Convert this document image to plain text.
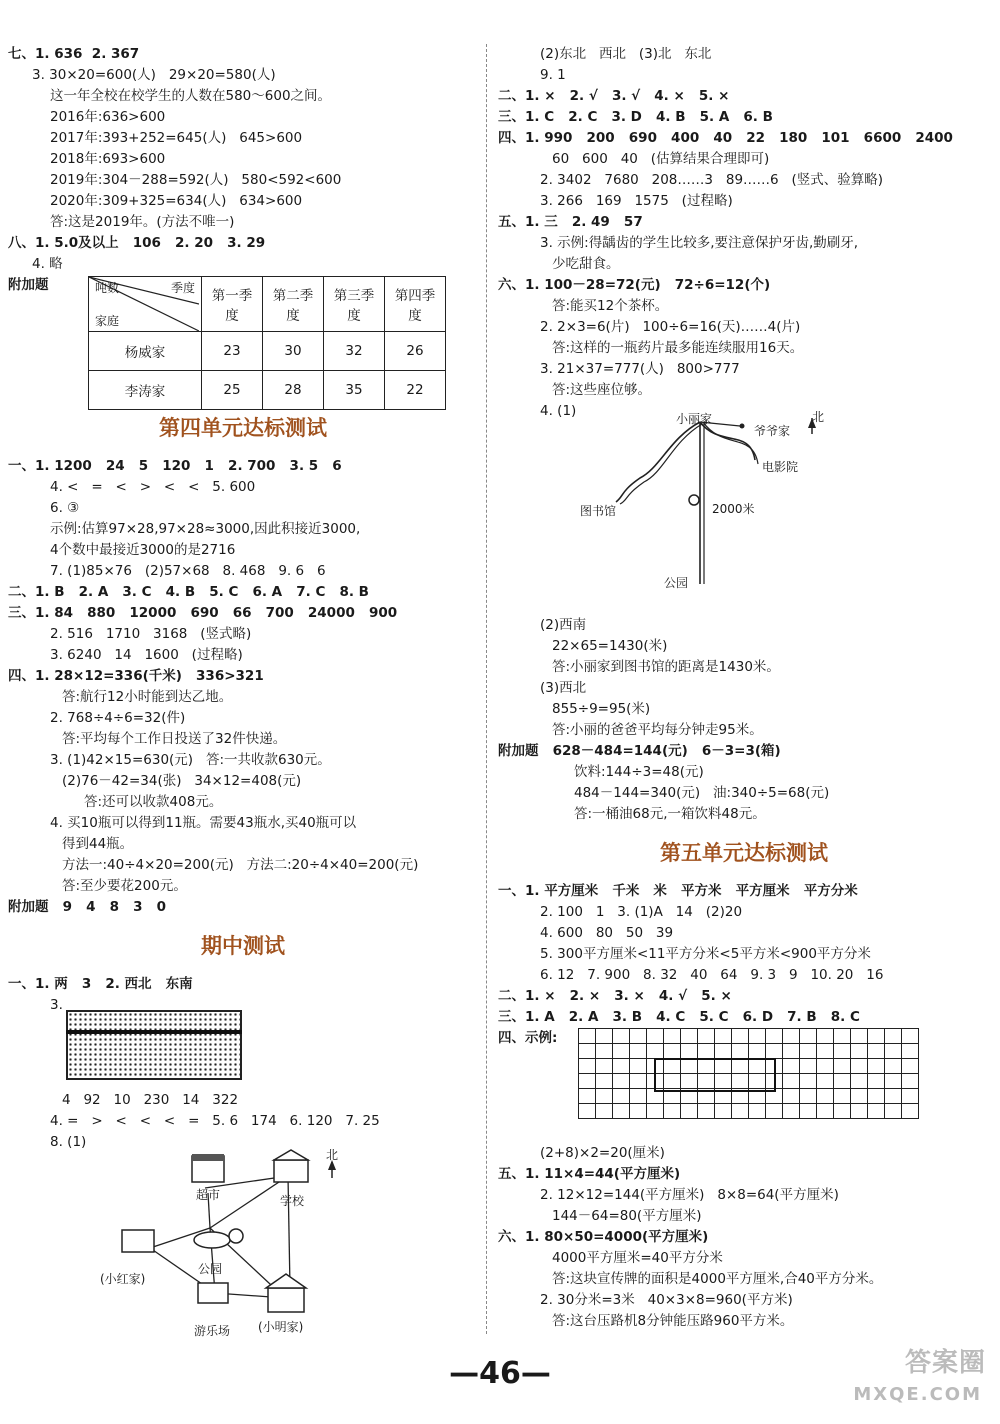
七、1. 636  2. 367
3. 30×20=600(人)   29×20=580(人)
这一年全校在校学生的人数在580～600之间。
2016年:636>600
2017年:393+252=645(人)   645>600
2018年:693>600
2019年:304－288=592(人)   580<592<600
2020年:309+325=634(人)   634>600
答:这是2019年。(方法不唯一)
八、1. 5.0及以上   106   2. 20   3. 29
4. 略
附加题
第四单元达标测试
一、1. 1200   24   5   120   1   2. 700   3. 5   6
4. <   =   <   >   <   <   5. 600
6. ③
示例:估算97×28,97×28≈3000,因此积接近3000,
4个数中最接近3000的是2716
7. (1)85×76   (2)57×68   8. 468   9. 6   6
二、1. B   2. A   3. C   4. B   5. C   6. A   7. C   8. B
三、1. 84   880   12000   690   66   700   24000   900
2. 516   1710   3168   (竖式略)
3. 6240   14   1600   (过程略)
四、1. 28×12=336(千米)   336>321
答:航行12小时能到达乙地。
2. 768÷4÷6=32(件)
答:平均每个工作日投送了32件快递。
3. (1)42×15=630(元)   答:一共收款630元。
(2)76－42=34(张)   34×12=408(元)
答:还可以收款408元。
4. 买10瓶可以得到11瓶。需要43瓶水,买40瓶可以
得到44瓶。
方法一:40÷4×20=200(元)   方法二:20÷4×40=200(元)
答:至少要花200元。
附加题   9   4   8   3   0
期中测试
一、1. 两   3   2. 西北   东南
3.
4   92   10   230   14   322
4. =   >   <   <   <   =   5. 6   174   6. 120   7. 25
8. (1)
吨数 季度
家庭	第一季度	第二季度	第三季度	第四季度
杨威家	23	30	32	26
李涛家	25	28	35	22
北
超市	学校
公园
(小红家)
游乐场 (小明家)
(2)东北   西北   (3)北   东北
9. 1
二、1. ×   2. √   3. √   4. ×   5. ×
三、1. C   2. C   3. D   4. B   5. A   6. B
四、1. 990   200   690   400   40   22   180   101   6600   2400
60   600   40   (估算结果合理即可)
2. 3402   7680   208……3   89……6   (竖式、验算略)
3. 266   169   1575   (过程略)
五、1. 三   2. 49   57
3. 示例:得龋齿的学生比较多,要注意保护牙齿,勤刷牙,
少吃甜食。
六、1. 100－28=72(元)   72÷6=12(个)
答:能买12个茶杯。
2. 2×3=6(片)   100÷6=16(天)……4(片)
答:这样的一瓶药片最多能连续服用16天。
3. 21×37=777(人)   800>777
答:这些座位够。
4. (1)
(2)西南
22×65=1430(米)
答:小丽家到图书馆的距离是1430米。
(3)西北
855÷9=95(米)
答:小丽的爸爸平均每分钟走95米。
附加题   628－484=144(元)   6－3=3(箱)
饮料:144÷3=48(元)
484－144=340(元)   油:340÷5=68(元)
答:一桶油68元,一箱饮料48元。
第五单元达标测试
一、1. 平方厘米   千米   米   平方米   平方厘米   平方分米
2. 100   1   3. (1)A   14   (2)20
4. 600   80   50   39
5. 300平方厘米<11平方分米<5平方米<900平方分米
6. 12   7. 900   8. 32   40   64   9. 3   9   10. 20   16
二、1. ×   2. ×   3. ×   4. √   5. ×
三、1. A   2. A   3. B   4. C   5. C   6. D   7. B   8. C
四、示例:
(2+8)×2=20(厘米)
五、1. 11×4=44(平方厘米)
2. 12×12=144(平方厘米)   8×8=64(平方厘米)
144－64=80(平方厘米)
六、1. 80×50=4000(平方厘米)
4000平方厘米=40平方分米
答:这块宣传牌的面积是4000平方厘米,合40平方分米。
2. 30分米=3米   40×3×8=960(平方米)
答:这台压路机8分钟能压路960平方米。
小丽家
爷爷家
北
电影院
图书馆	2000米
公园
—46—	答案圈
MXQE.COM
